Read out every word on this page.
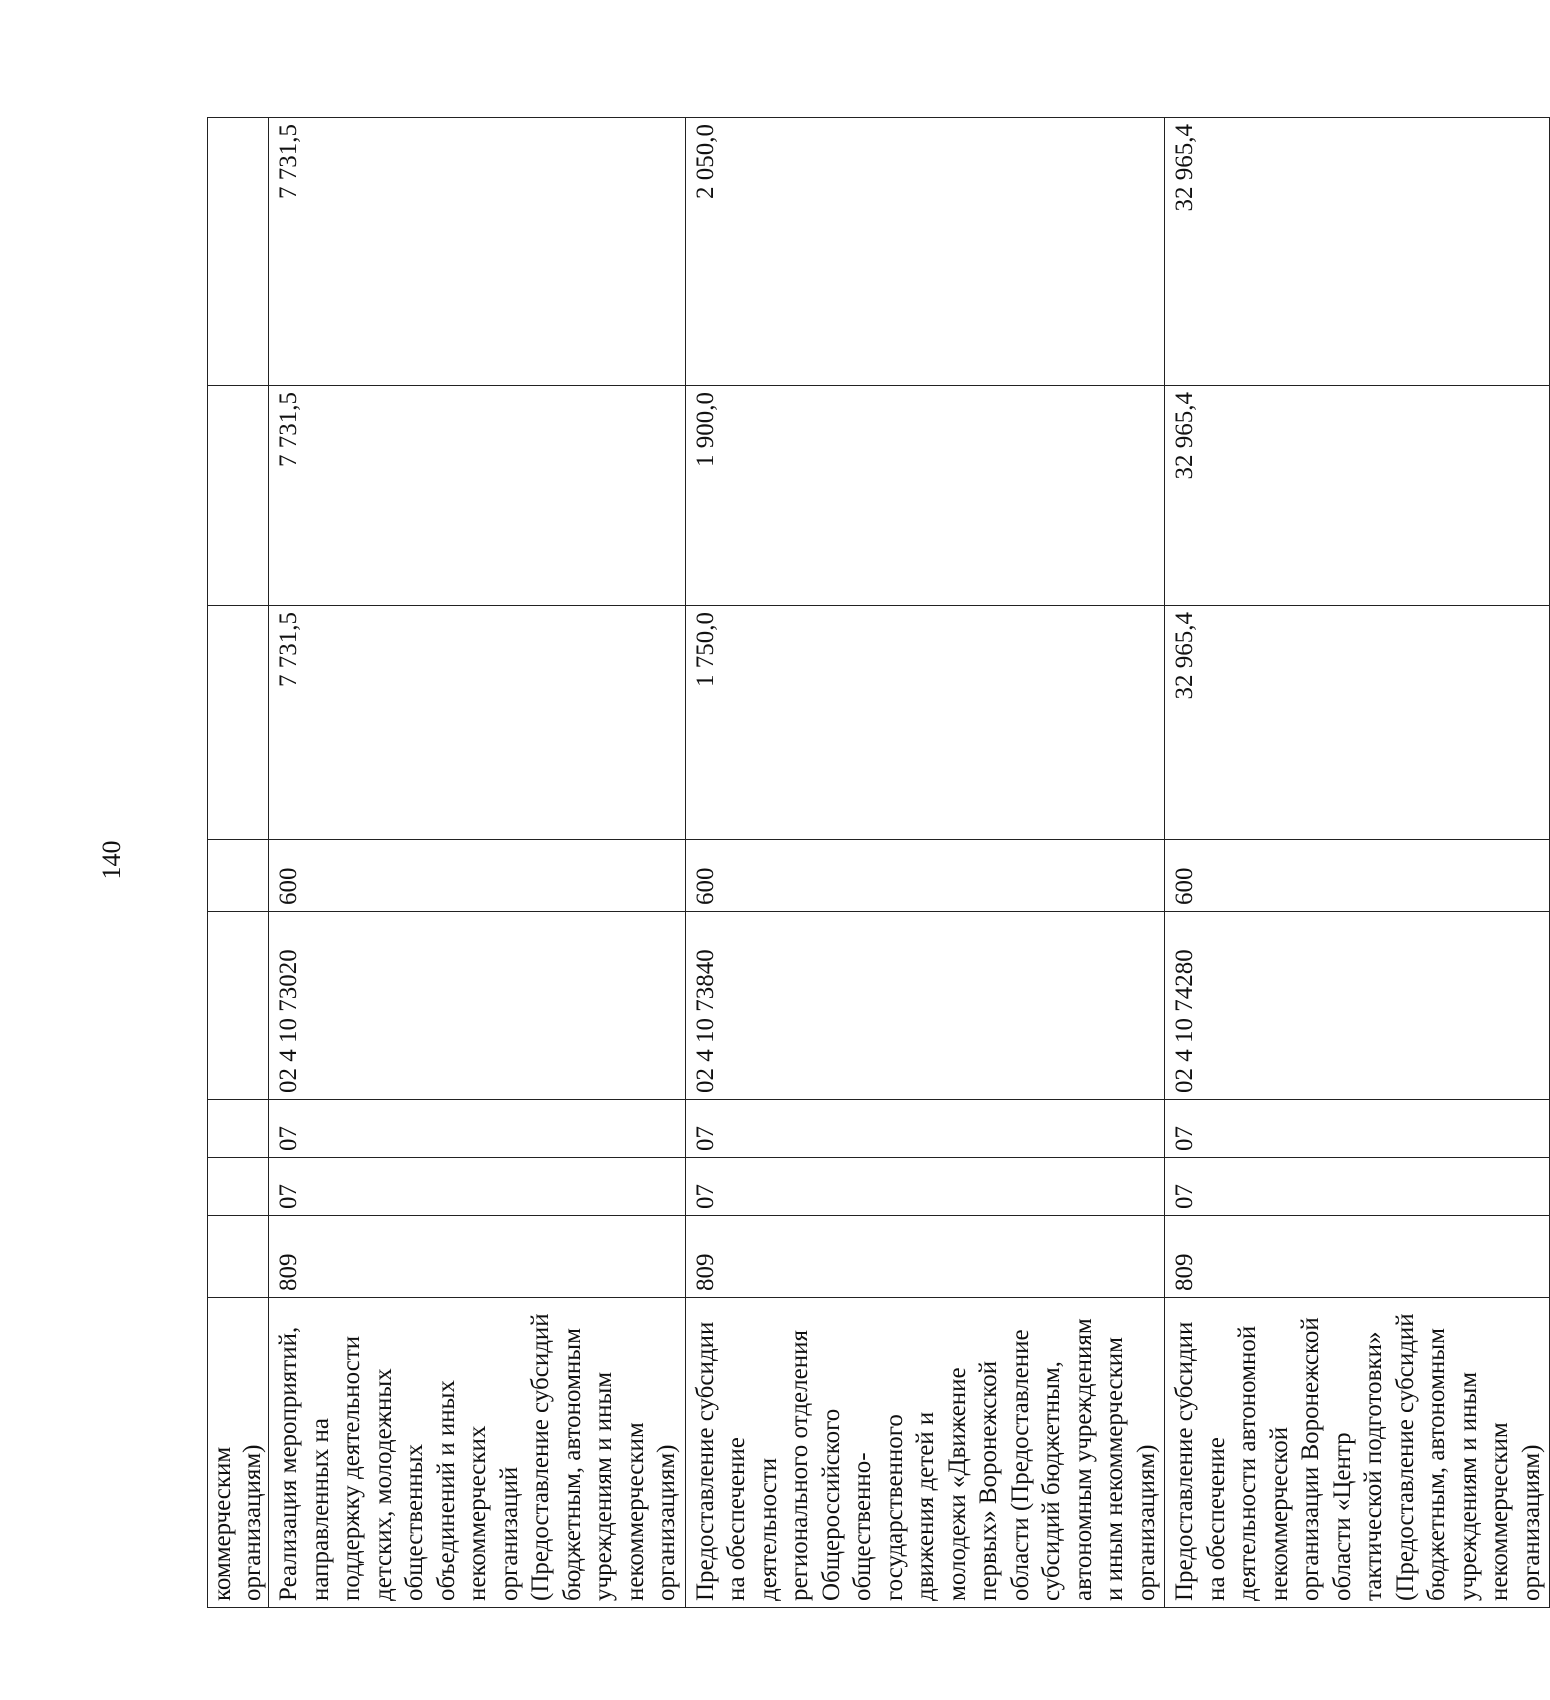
140
коммерческим организациям)								
Реализация мероприятий, направленных на поддержку деятельности детских, молодежных общественных объединений и иных некоммерческих организаций (Предоставление субсидий бюджетным, автономным учреждениям и иным некоммерческим организациям)	809	07	07	02 4 10 73020	600	7 731,5	7 731,5	7 731,5
Предоставление субсидии на обеспечение деятельности регионального отделения Общероссийского общественно-государственного движения детей и молодежи «Движение первых» Воронежской области (Предоставление субсидий бюджетным, автономным учреждениям и иным некоммерческим организациям)	809	07	07	02 4 10 73840	600	1 750,0	1 900,0	2 050,0
Предоставление субсидии на обеспечение деятельности автономной некоммерческой организации Воронежской области «Центр тактической подготовки» (Предоставление субсидий бюджетным, автономным учреждениям и иным некоммерческим организациям)	809	07	07	02 4 10 74280	600	32 965,4	32 965,4	32 965,4
